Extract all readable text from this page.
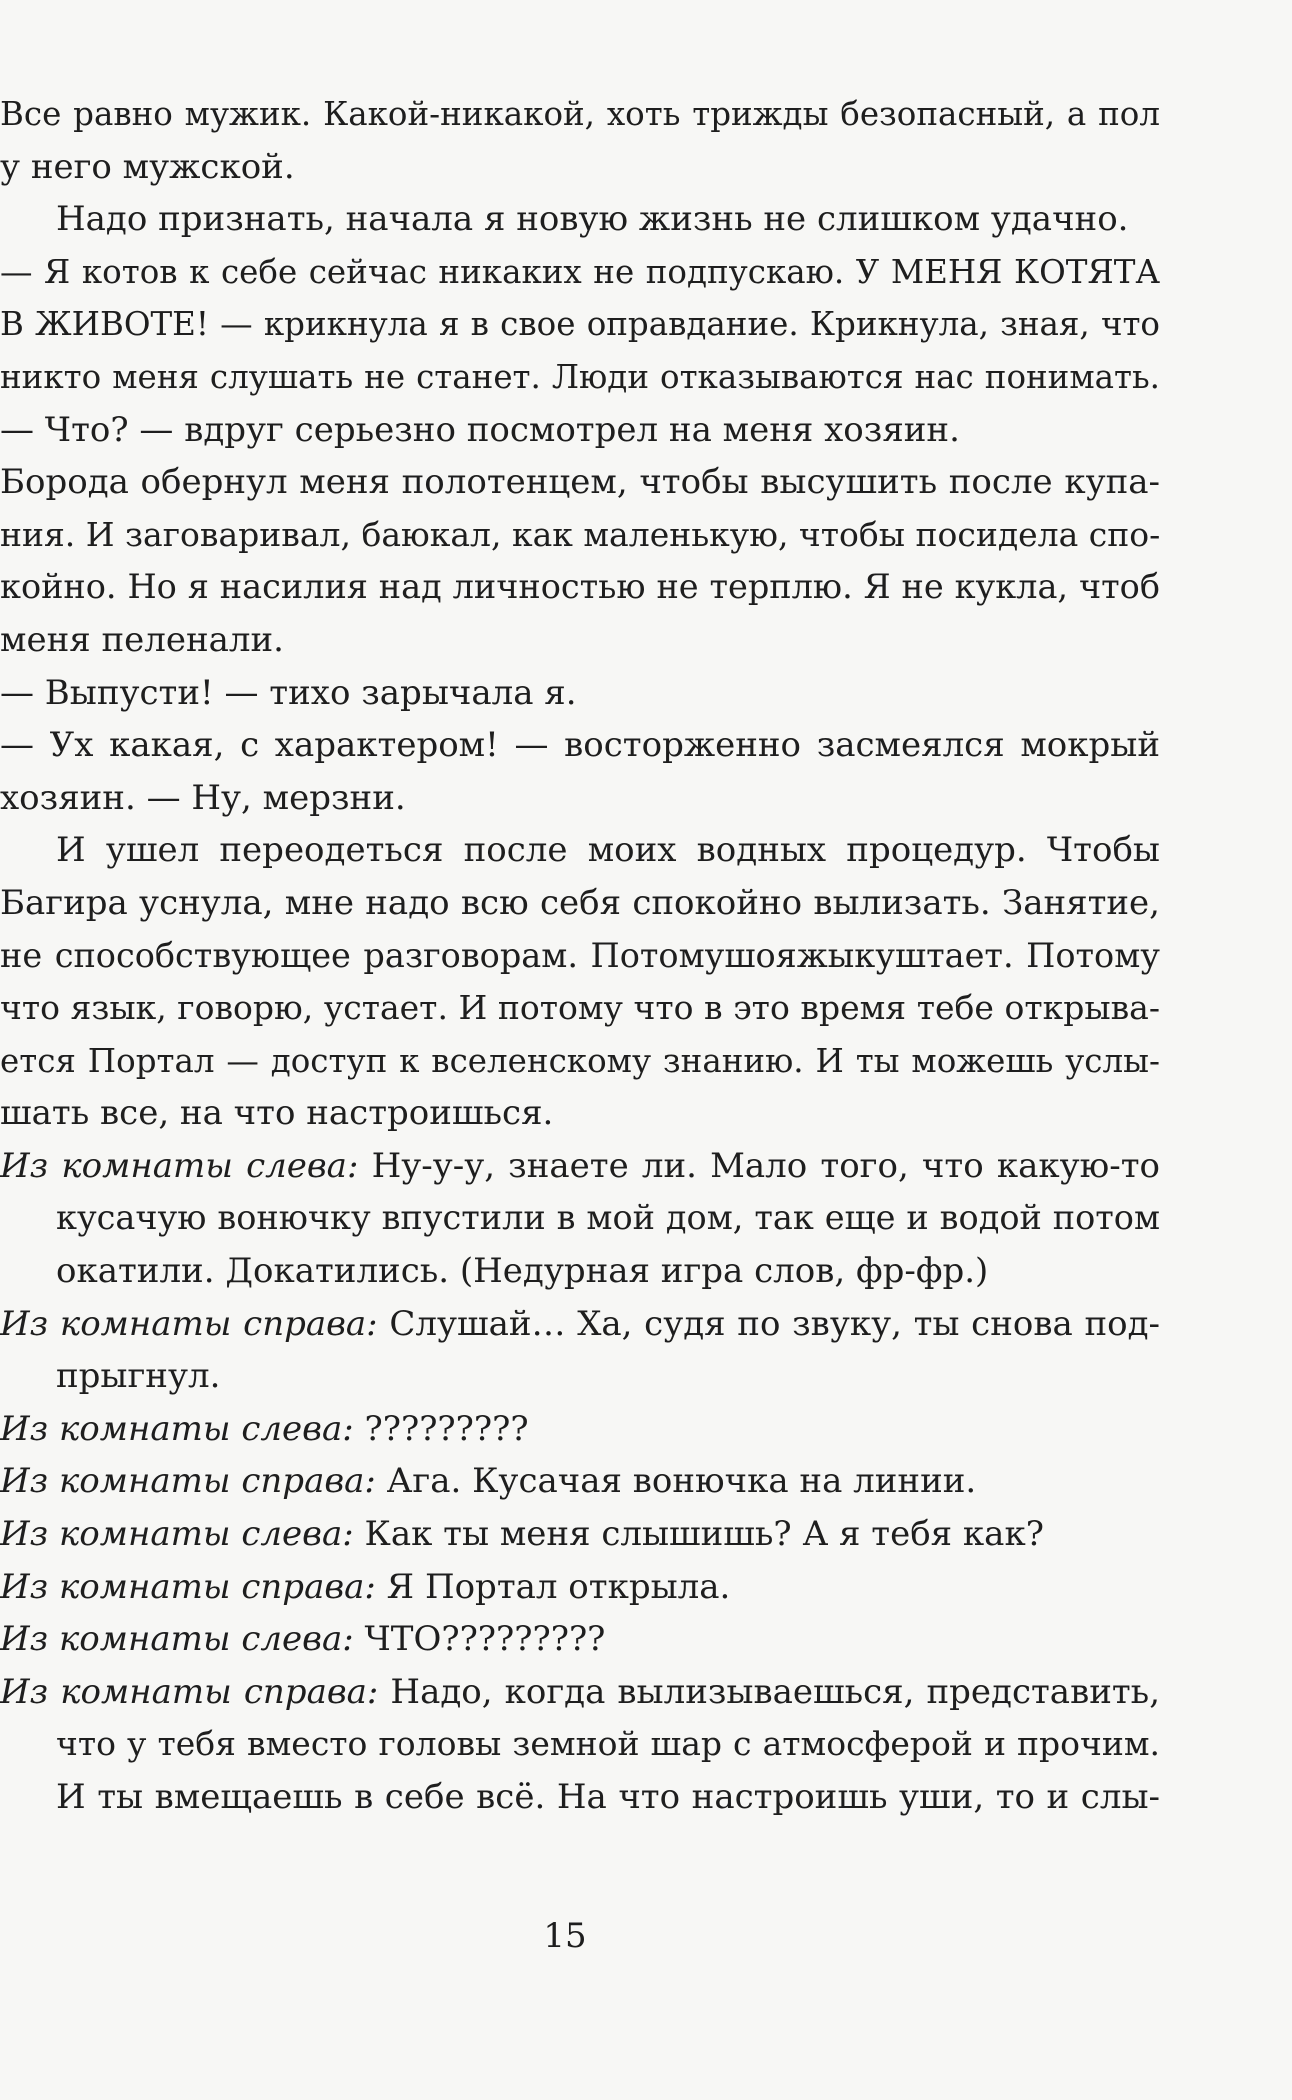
Все равно мужик. Какой-никакой, хоть трижды безопасный, а пол
у него мужской.
Надо признать, начала я новую жизнь не слишком удачно.
— Я котов к себе сейчас никаких не подпускаю. У МЕНЯ КОТЯТА
В ЖИВОТЕ! — крикнула я в свое оправдание. Крикнула, зная, что
никто меня слушать не станет. Люди отказываются нас понимать.
— Что? — вдруг серьезно посмотрел на меня хозяин.
Борода обернул меня полотенцем, чтобы высушить после купа-
ния. И заговаривал, баюкал, как маленькую, чтобы посидела спо-
койно. Но я насилия над личностью не терплю. Я не кукла, чтоб
меня пеленали.
— Выпусти! — тихо зарычала я.
— Ух какая, с характером! — восторженно засмеялся мокрый
хозяин. — Ну, мерзни.
И ушел переодеться после моих водных процедур. Чтобы
Багира уснула, мне надо всю себя спокойно вылизать. Занятие,
не способствующее разговорам. Потомушояжыкуштает. Потому
что язык, говорю, устает. И потому что в это время тебе открыва-
ется Портал — доступ к вселенскому знанию. И ты можешь услы-
шать все, на что настроишься.
Из комнаты слева: Ну-у-у, знаете ли. Мало того, что какую-то
кусачую вонючку впустили в мой дом, так еще и водой потом
окатили. Докатились. (Недурная игра слов, фр-фр.)
Из комнаты справа: Слушай… Ха, судя по звуку, ты снова под-
прыгнул.
Из комнаты слева: ?????????
Из комнаты справа: Ага. Кусачая вонючка на линии.
Из комнаты слева: Как ты меня слышишь? А я тебя как?
Из комнаты справа: Я Портал открыла.
Из комнаты слева: ЧТО?????????
Из комнаты справа: Надо, когда вылизываешься, представить,
что у тебя вместо головы земной шар с атмосферой и прочим.
И ты вмещаешь в себе всё. На что настроишь уши, то и слы-
15
